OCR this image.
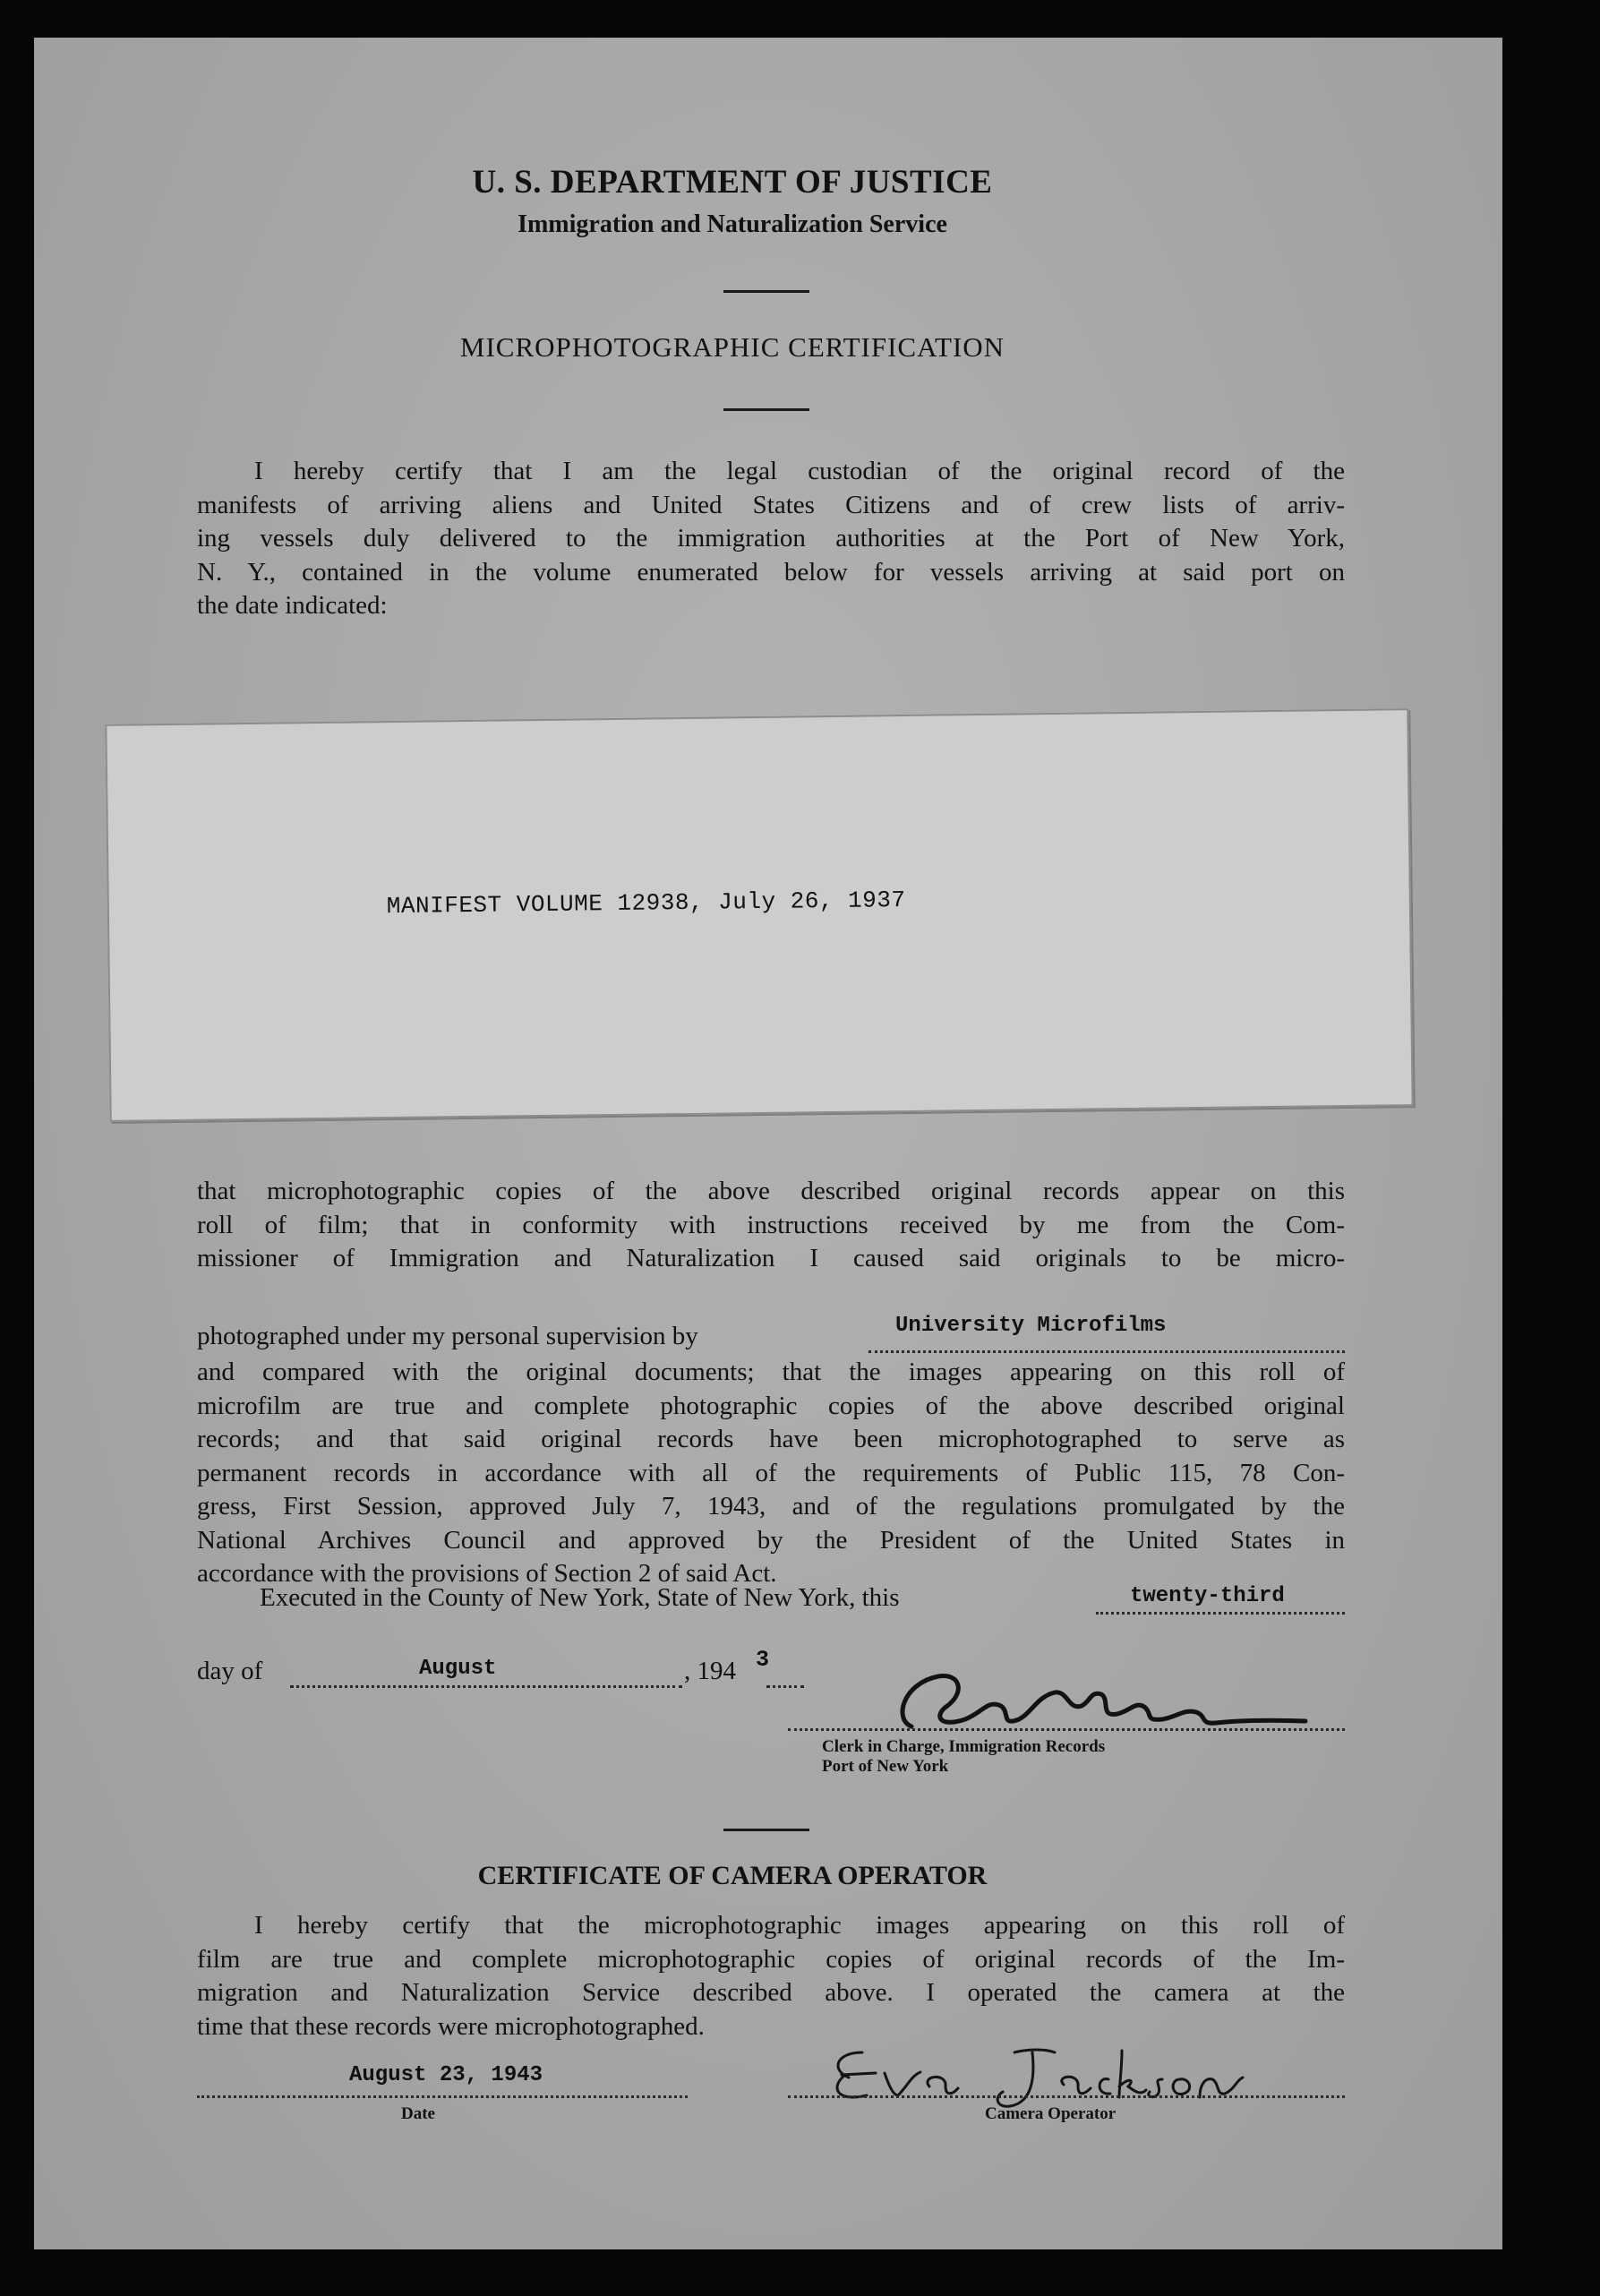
U. S. DEPARTMENT OF JUSTICE
Immigration and Naturalization Service
MICROPHOTOGRAPHIC CERTIFICATION
I hereby certify that I am the legal custodian of the original record of the
manifests of arriving aliens and United States Citizens and of crew lists of arriv-
ing vessels duly delivered to the immigration authorities at the Port of New York,
N. Y., contained in the volume enumerated below for vessels arriving at said port on
the date indicated:
MANIFEST VOLUME 12938, July 26, 1937
that microphotographic copies of the above described original records appear on this
roll of film; that in conformity with instructions received by me from the Com-
missioner of Immigration and Naturalization I caused said originals to be micro-
photographed under my personal supervision by	University Microfilms
and compared with the original documents; that the images appearing on this roll of
microfilm are true and complete photographic copies of the above described original
records; and that said original records have been microphotographed to serve as
permanent records in accordance with all of the requirements of Public 115, 78 Con-
gress, First Session, approved July 7, 1943, and of the regulations promulgated by the
National Archives Council and approved by the President of the United States in
accordance with the provisions of Section 2 of said Act.
Executed in the County of New York, State of New York, this	twenty-third
day of	August	, 194 3
Clerk in Charge, Immigration Records
Port of New York
CERTIFICATE OF CAMERA OPERATOR
I hereby certify that the microphotographic images appearing on this roll of
film are true and complete microphotographic copies of original records of the Im-
migration and Naturalization Service described above. I operated the camera at the
time that these records were microphotographed.
August 23, 1943
Date	Camera Operator
